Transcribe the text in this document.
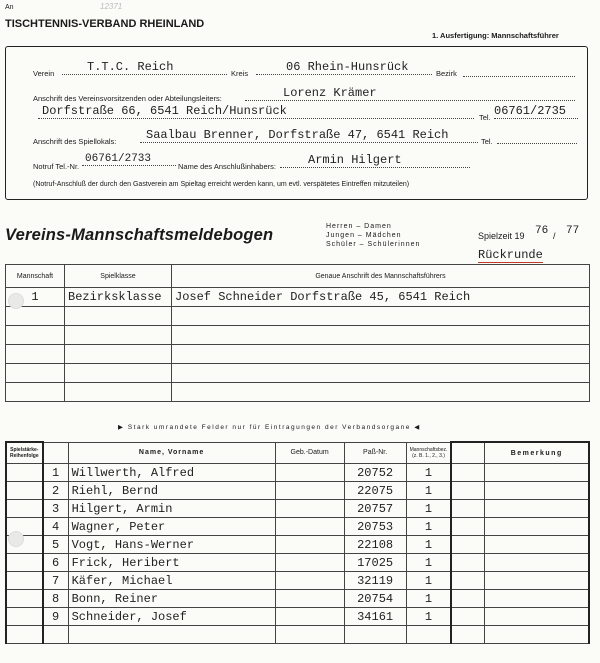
An	12371
TISCHTENNIS-VERBAND RHEINLAND
1. Ausfertigung: Mannschaftsführer
Verein	T.T.C. Reich	Kreis	06 Rhein-Hunsrück	Bezirk
Anschrift des Vereinsvorsitzenden oder Abteilungsleiters:	Lorenz Krämer
Dorfstraße 66, 6541 Reich/Hunsrück	Tel. 06761/2735
Anschrift des Spiellokals:	Saalbau Brenner, Dorfstraße 47, 6541 Reich	Tel.
Notruf Tel.-Nr.
06761/2733
Name des Anschlußinhabers:	Armin Hilgert
(Notruf-Anschluß der durch den Gastverein am Spieltag erreicht werden kann, um evtl. verspätetes Eintreffen mitzuteilen)
Vereins-Mannschaftsmeldebogen	Herren – Damen
Jungen – Mädchen
Schüler – Schülerinnen
Spielzeit 19 76 / 77
Rückrunde
Mannschaft	Spielklasse	Genaue Anschrift des Mannschaftsführers
1	Bezirksklasse	Josef Schneider Dorfstraße 45, 6541 Reich

▶ Stark umrandete Felder nur für Eintragungen der Verbandsorgane ◀
Spielstärke-Reihenfolge		Name, Vorname	Geb.-Datum	Paß-Nr.	Mannschaftsbez. (z. B. 1., 2., 3.)		Bemerkung
	1	Willwerth, Alfred		20752	1		
	2	Riehl, Bernd		22075	1		
	3	Hilgert, Armin		20757	1		
	4	Wagner, Peter		20753	1		
	5	Vogt, Hans-Werner		22108	1		
	6	Frick, Heribert		17025	1		
	7	Käfer, Michael		32119	1		
	8	Bonn, Reiner		20754	1		
	9	Schneider, Josef		34161	1		
